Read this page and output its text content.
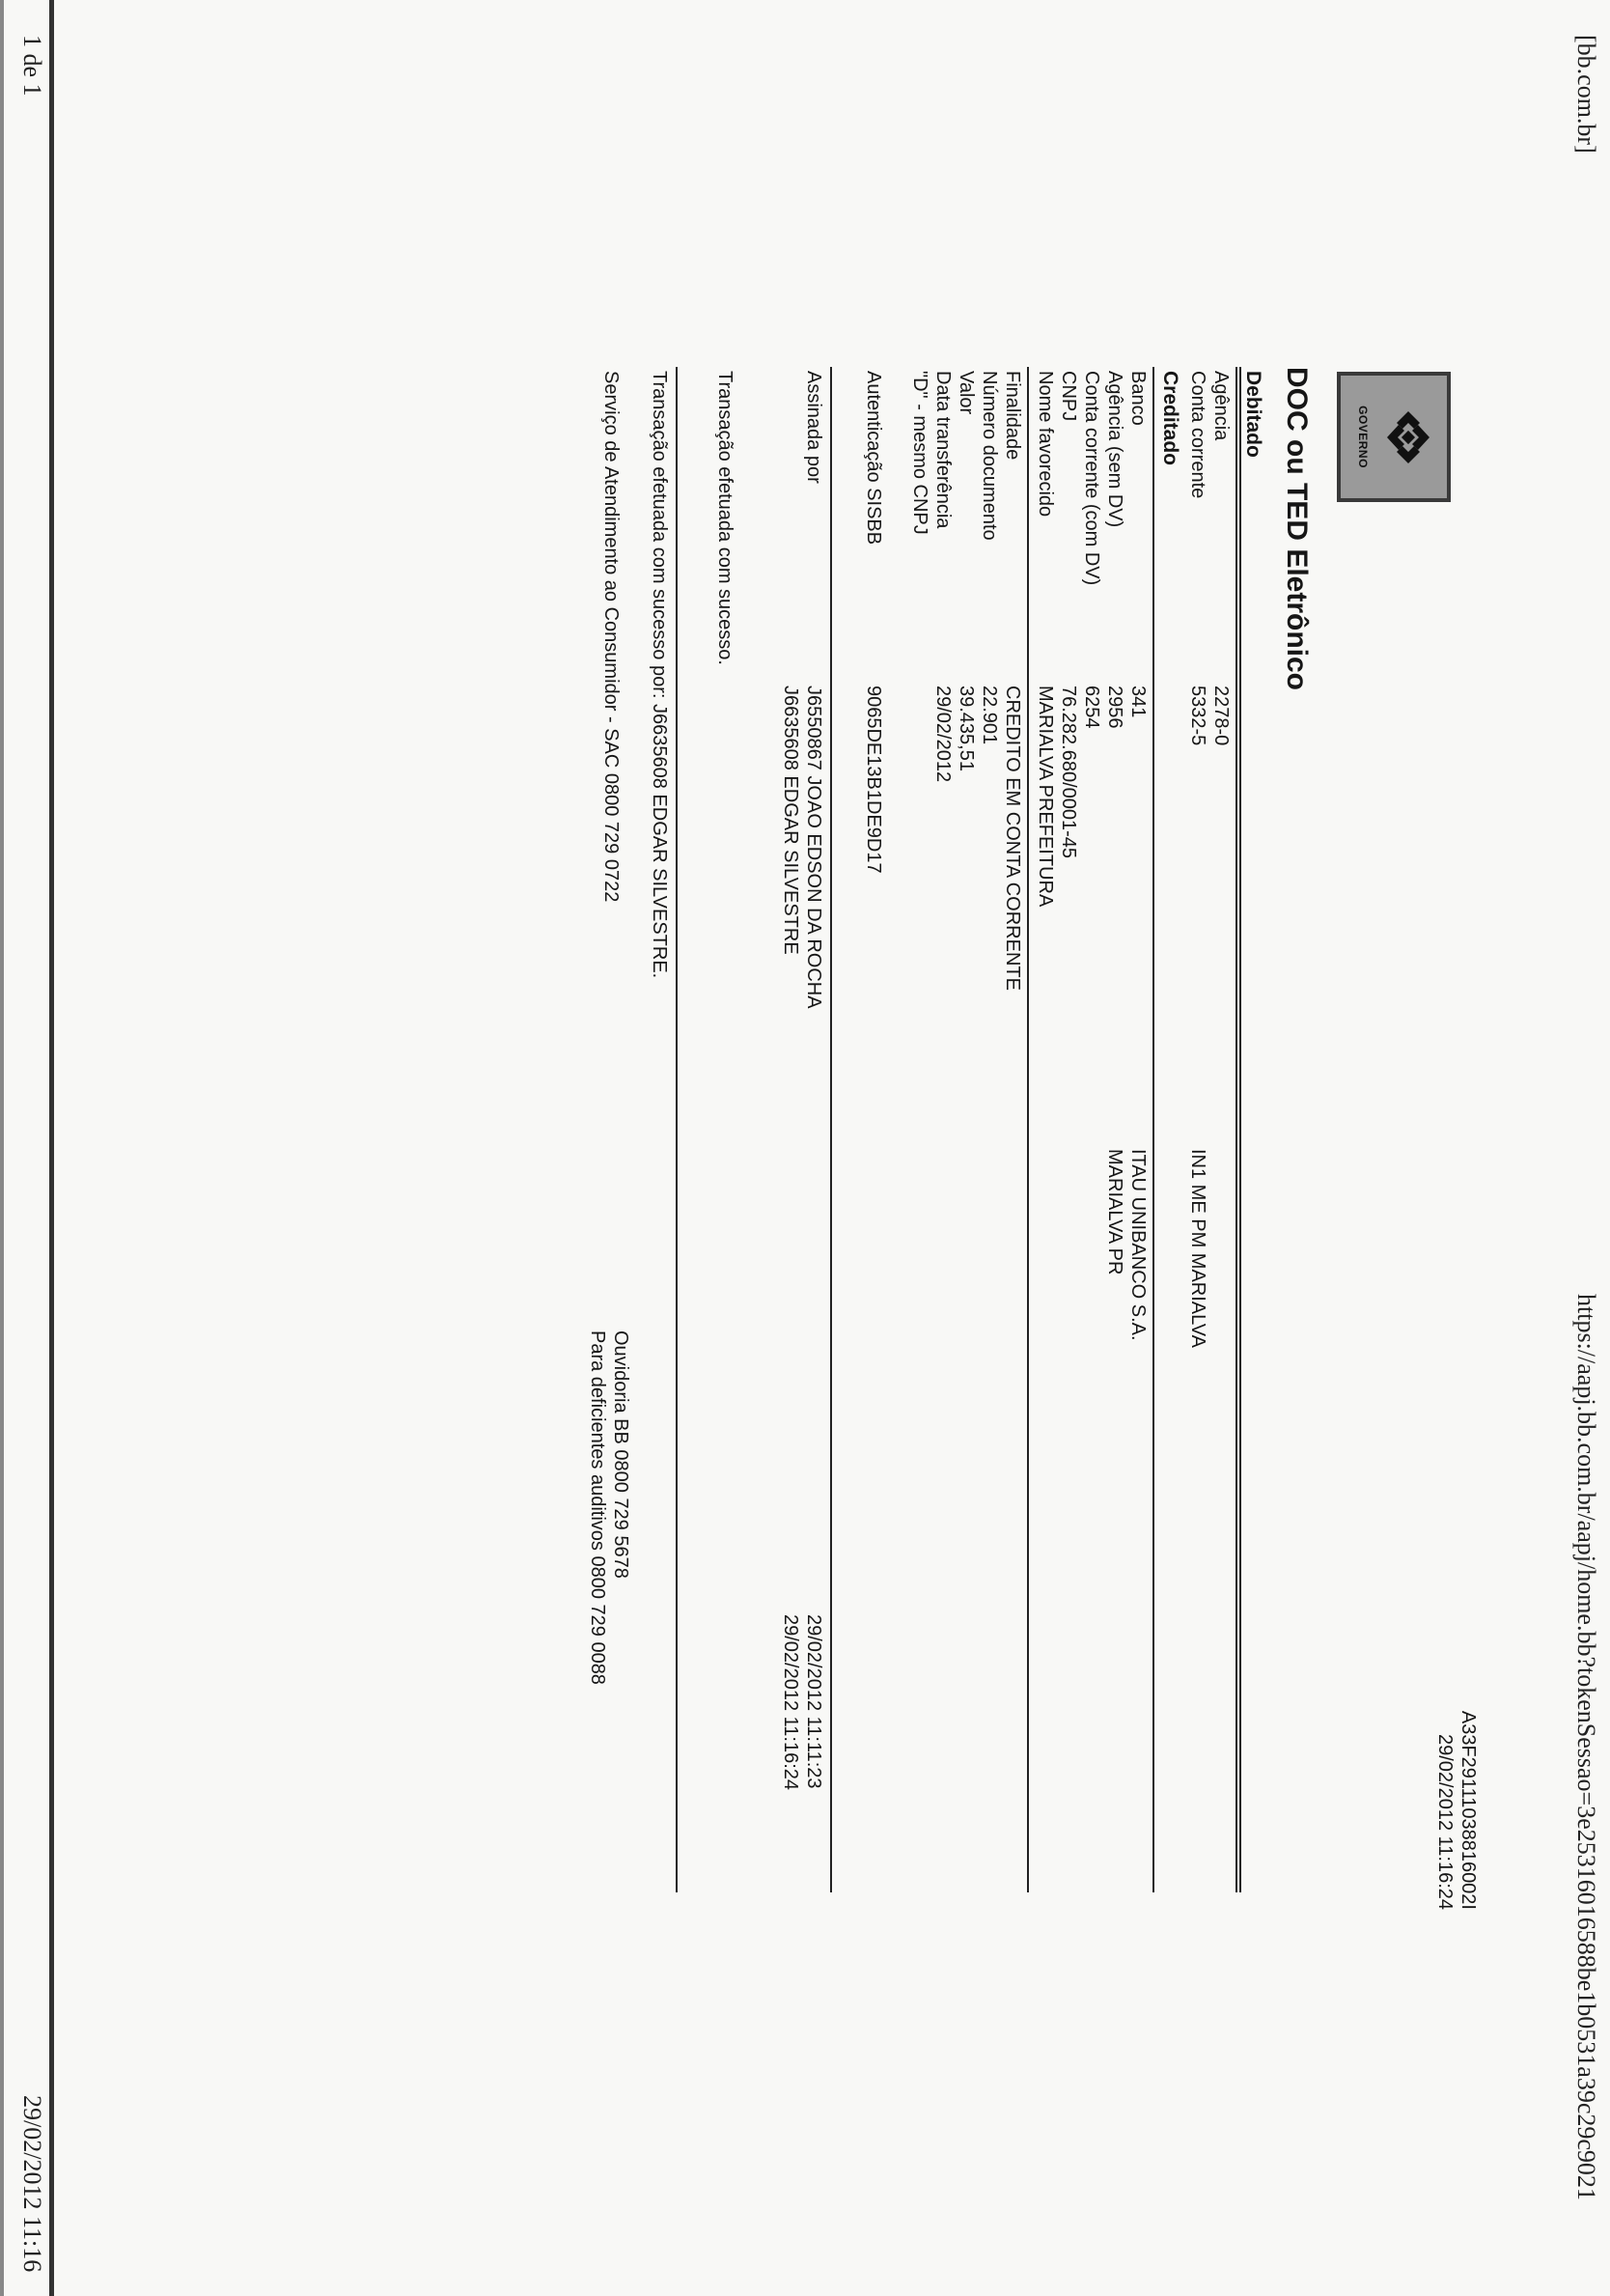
[bb.com.br]
https://aapj.bb.com.br/aapj/home.bb?tokenSessao=3e25316016588be1b0531a39c29c9021
1 de 1
29/02/2012 11:16
GOVERNO
A33F29111038816002I
29/02/2012 11:16:24
DOC ou TED Eletrônico
Debitado
Agência
2278-0
Conta corrente
5332-5
IN1 ME PM MARIALVA
Creditado
Banco
341
ITAU UNIBANCO S.A.
Agência (sem DV)
2956
MARIALVA PR
Conta corrente (com DV)
6254
CNPJ
76.282.680/0001-45
Nome favorecido
MARIALVA PREFEITURA
Finalidade
CREDITO EM CONTA CORRENTE
Número documento
22.901
Valor
39.435,51
Data transferência
29/02/2012
"D" - mesmo CNPJ
Autenticação SISBB
9065DE13B1DE9D17
Assinada por
J6550867 JOAO EDSON DA ROCHA
29/02/2012 11:11:23
J6635608 EDGAR SILVESTRE
29/02/2012 11:16:24
Transação efetuada com sucesso.
Transação efetuada com sucesso por: J6635608 EDGAR SILVESTRE.
Serviço de Atendimento ao Consumidor - SAC 0800 729 0722
Ouvidoria BB 0800 729 5678
Para deficientes auditivos 0800 729 0088
